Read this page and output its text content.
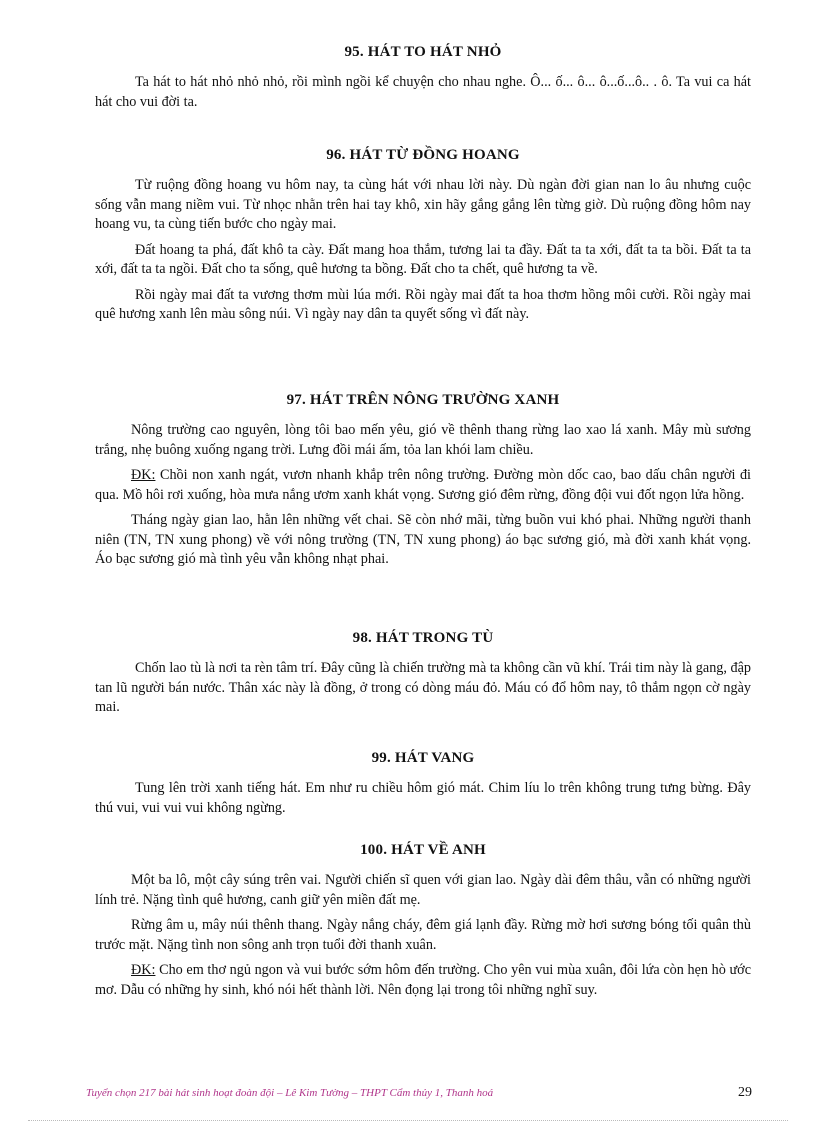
95. HÁT TO HÁT NHỎ

Ta hát to hát nhỏ nhỏ nhỏ, rồi mình ngồi kể chuyện cho nhau nghe. Ô... ố... ô... ô...ố...ô.. . ô. Ta vui ca hát hát cho vui đời ta.

96. HÁT TỪ ĐỒNG HOANG

Từ ruộng đồng hoang vu hôm nay, ta cùng hát với nhau lời này. Dù ngàn đời gian nan lo âu nhưng cuộc sống vẫn mang niềm vui. Từ nhọc nhằn trên hai tay khô, xin hãy gắng gắng lên từng giờ. Dù ruộng đồng hôm nay hoang vu, ta cùng tiến bước cho ngày mai.

Đất hoang ta phá, đất khô ta cày. Đất mang hoa thắm, tương lai ta đầy. Đất ta ta xới, đất ta ta bồi. Đất ta ta xới, đất ta ta ngồi. Đất cho ta sống, quê hương ta bồng. Đất cho ta chết, quê hương ta về.

Rồi ngày mai đất ta vương thơm mùi lúa mới. Rồi ngày mai đất ta hoa thơm hồng môi cười. Rồi ngày mai quê hương xanh lên màu sông núi. Vì ngày nay dân ta quyết sống vì đất này.

97. HÁT TRÊN NÔNG TRƯỜNG XANH

Nông trường cao nguyên, lòng tôi bao mến yêu, gió về thênh thang rừng lao xao lá xanh. Mây mù sương trắng, nhẹ buông xuống ngang trời. Lưng đồi mái ấm, tỏa lan khói lam chiều.

ĐK: Chồi non xanh ngát, vươn nhanh khắp trên nông trường. Đường mòn dốc cao, bao dấu chân người đi qua. Mồ hôi rơi xuống, hòa mưa nắng ươm xanh khát vọng. Sương gió đêm rừng, đồng đội vui đốt ngọn lửa hồng.

Tháng ngày gian lao, hằn lên những vết chai. Sẽ còn nhớ mãi, từng buồn vui khó phai. Những người thanh niên (TN, TN xung phong) về với nông trường (TN, TN xung phong) áo bạc sương gió, mà đời xanh khát vọng. Áo bạc sương gió mà tình yêu vẫn không nhạt phai.

98. HÁT TRONG TÙ

Chốn lao tù là nơi ta rèn tâm trí. Đây cũng là chiến trường mà ta không cần vũ khí. Trái tim này là gang, đập tan lũ người bán nước. Thân xác này là đồng, ở trong có dòng máu đỏ. Máu có đổ hôm nay, tô thắm ngọn cờ ngày mai.

99. HÁT VANG

Tung lên trời xanh tiếng hát. Em như ru chiều hôm gió mát. Chim líu lo trên không trung tưng bừng. Đây thú vui, vui vui vui không ngừng.

100. HÁT VỀ ANH

Một ba lô, một cây súng trên vai. Người chiến sĩ quen với gian lao. Ngày dài đêm thâu, vẫn có những người lính trẻ. Nặng tình quê hương, canh giữ yên miền đất mẹ.

Rừng âm u, mây núi thênh thang. Ngày nắng cháy, đêm giá lạnh đầy. Rừng mờ hơi sương bóng tối quân thù trước mặt. Nặng tình non sông anh trọn tuổi đời thanh xuân.

ĐK: Cho em thơ ngủ ngon và vui bước sớm hôm đến trường. Cho yên vui mùa xuân, đôi lứa còn hẹn hò ước mơ. Dẫu có những hy sinh, khó nói hết thành lời. Nên đọng lại trong tôi những nghĩ suy.

Tuyển chọn 217 bài hát sinh hoạt đoàn đội – Lê Kim Tường – THPT Cẩm thủy 1, Thanh hoá	29
